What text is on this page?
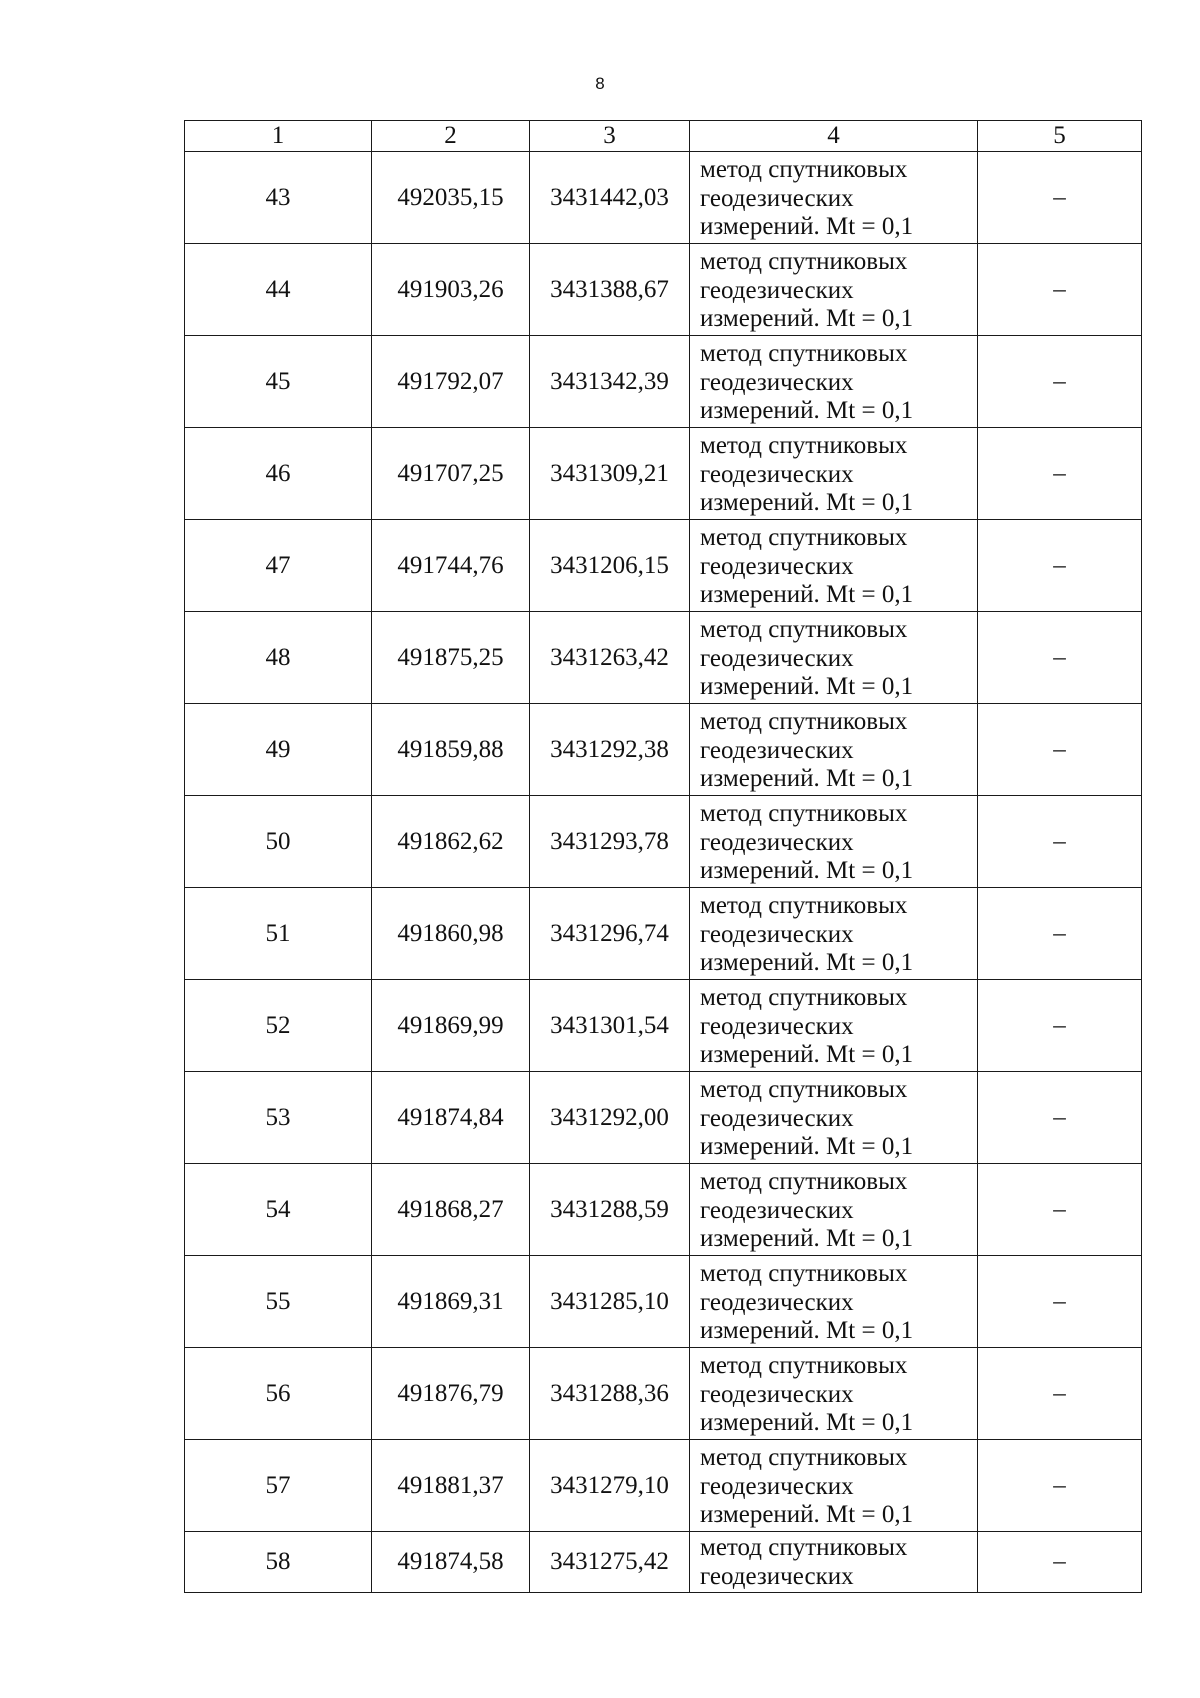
8
1	2	3	4	5
43	492035,15	3431442,03	метод спутниковых
геодезических
измерений. Mt = 0,1	–
44	491903,26	3431388,67	метод спутниковых
геодезических
измерений. Mt = 0,1	–
45	491792,07	3431342,39	метод спутниковых
геодезических
измерений. Mt = 0,1	–
46	491707,25	3431309,21	метод спутниковых
геодезических
измерений. Mt = 0,1	–
47	491744,76	3431206,15	метод спутниковых
геодезических
измерений. Mt = 0,1	–
48	491875,25	3431263,42	метод спутниковых
геодезических
измерений. Mt = 0,1	–
49	491859,88	3431292,38	метод спутниковых
геодезических
измерений. Mt = 0,1	–
50	491862,62	3431293,78	метод спутниковых
геодезических
измерений. Mt = 0,1	–
51	491860,98	3431296,74	метод спутниковых
геодезических
измерений. Mt = 0,1	–
52	491869,99	3431301,54	метод спутниковых
геодезических
измерений. Mt = 0,1	–
53	491874,84	3431292,00	метод спутниковых
геодезических
измерений. Mt = 0,1	–
54	491868,27	3431288,59	метод спутниковых
геодезических
измерений. Mt = 0,1	–
55	491869,31	3431285,10	метод спутниковых
геодезических
измерений. Mt = 0,1	–
56	491876,79	3431288,36	метод спутниковых
геодезических
измерений. Mt = 0,1	–
57	491881,37	3431279,10	метод спутниковых
геодезических
измерений. Mt = 0,1	–
58	491874,58	3431275,42	метод спутниковых
геодезических	–
